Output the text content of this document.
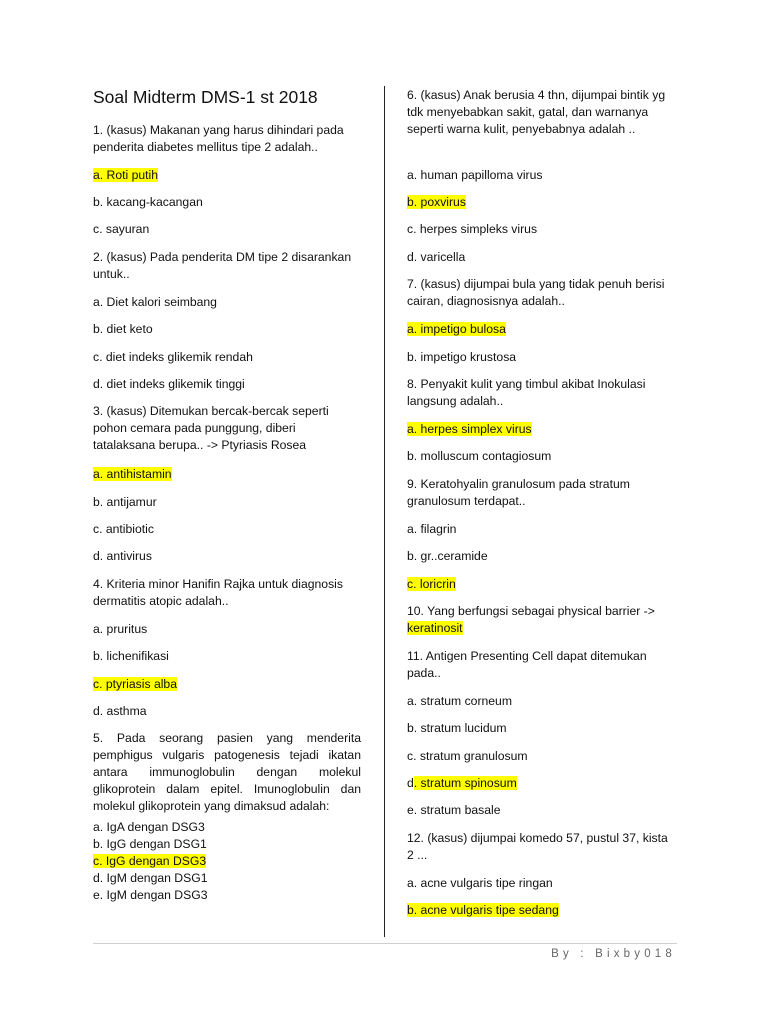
Soal Midterm DMS-1 st 2018
1. (kasus) Makanan yang harus dihindari pada penderita diabetes mellitus tipe 2 adalah..
a. Roti putih
b. kacang-kacangan
c. sayuran
2. (kasus) Pada penderita DM tipe 2 disarankan untuk..
a. Diet kalori seimbang
b. diet keto
c. diet indeks glikemik rendah
d. diet indeks glikemik tinggi
3. (kasus) Ditemukan bercak-bercak seperti pohon cemara pada punggung, diberi tatalaksana berupa.. -> Ptyriasis Rosea
a. antihistamin
b. antijamur
c. antibiotic
d. antivirus
4. Kriteria minor Hanifin Rajka untuk diagnosis dermatitis atopic adalah..
a. pruritus
b. lichenifikasi
c. ptyriasis alba
d. asthma
5. Pada seorang pasien yang menderita pemphigus vulgaris patogenesis tejadi ikatan antara immunoglobulin dengan molekul glikoprotein dalam epitel. Imunoglobulin dan molekul glikoprotein yang dimaksud adalah:
a. IgA dengan DSG3
b. IgG dengan DSG1
c. IgG dengan DSG3
d. IgM dengan DSG1
e. IgM dengan DSG3
6. (kasus) Anak berusia 4 thn, dijumpai bintik yg tdk menyebabkan sakit, gatal, dan warnanya seperti warna kulit, penyebabnya adalah ..
a. human papilloma virus
b. poxvirus
c. herpes simpleks virus
d. varicella
7. (kasus) dijumpai bula yang tidak penuh berisi cairan, diagnosisnya adalah..
a. impetigo bulosa
b. impetigo krustosa
8. Penyakit kulit yang timbul akibat Inokulasi langsung adalah..
a. herpes simplex virus
b. molluscum contagiosum
9. Keratohyalin granulosum pada stratum granulosum terdapat..
a. filagrin
b. gr..ceramide
c. loricrin
10. Yang berfungsi sebagai physical barrier -> keratinosit
11. Antigen Presenting Cell dapat ditemukan pada..
a. stratum corneum
b. stratum lucidum
c. stratum granulosum
d. stratum spinosum
e. stratum basale
12. (kasus) dijumpai komedo 57, pustul 37, kista 2 ...
a. acne vulgaris tipe ringan
b. acne vulgaris tipe sedang
By : Bixby018
